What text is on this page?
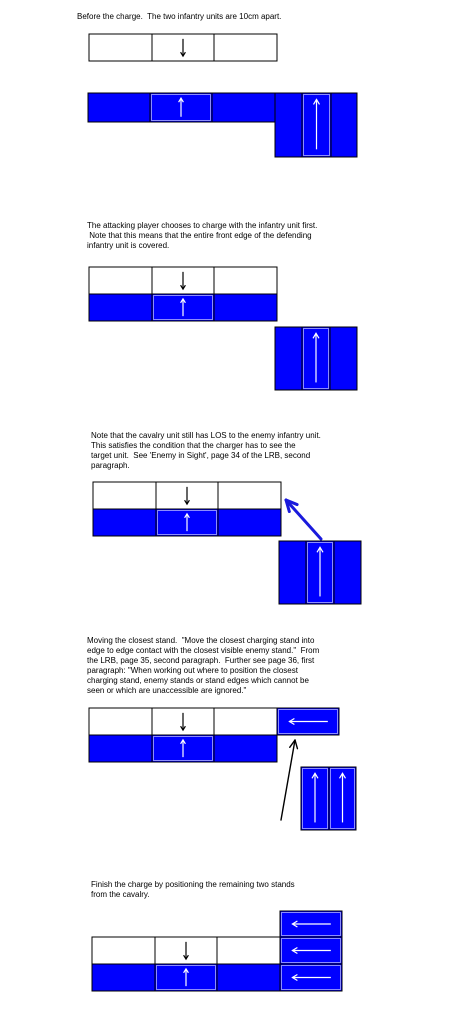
Before the charge.  The two infantry units are 10cm apart.
The attacking player chooses to charge with the infantry unit first.
Note that this means that the entire front edge of the defending
infantry unit is covered.
Note that the cavalry unit still has LOS to the enemy infantry unit.
This satisfies the condition that the charger has to see the
target unit.  See 'Enemy in Sight', page 34 of the LRB, second
paragraph.
Moving the closest stand.  "Move the closest charging stand into
edge to edge contact with the closest visible enemy stand."  From
the LRB, page 35, second paragraph.  Further see page 36, first
paragraph: "When working out where to position the closest
charging stand, enemy stands or stand edges which cannot be
seen or which are unaccessible are ignored."
Finish the charge by positioning the remaining two stands
from the cavalry.
